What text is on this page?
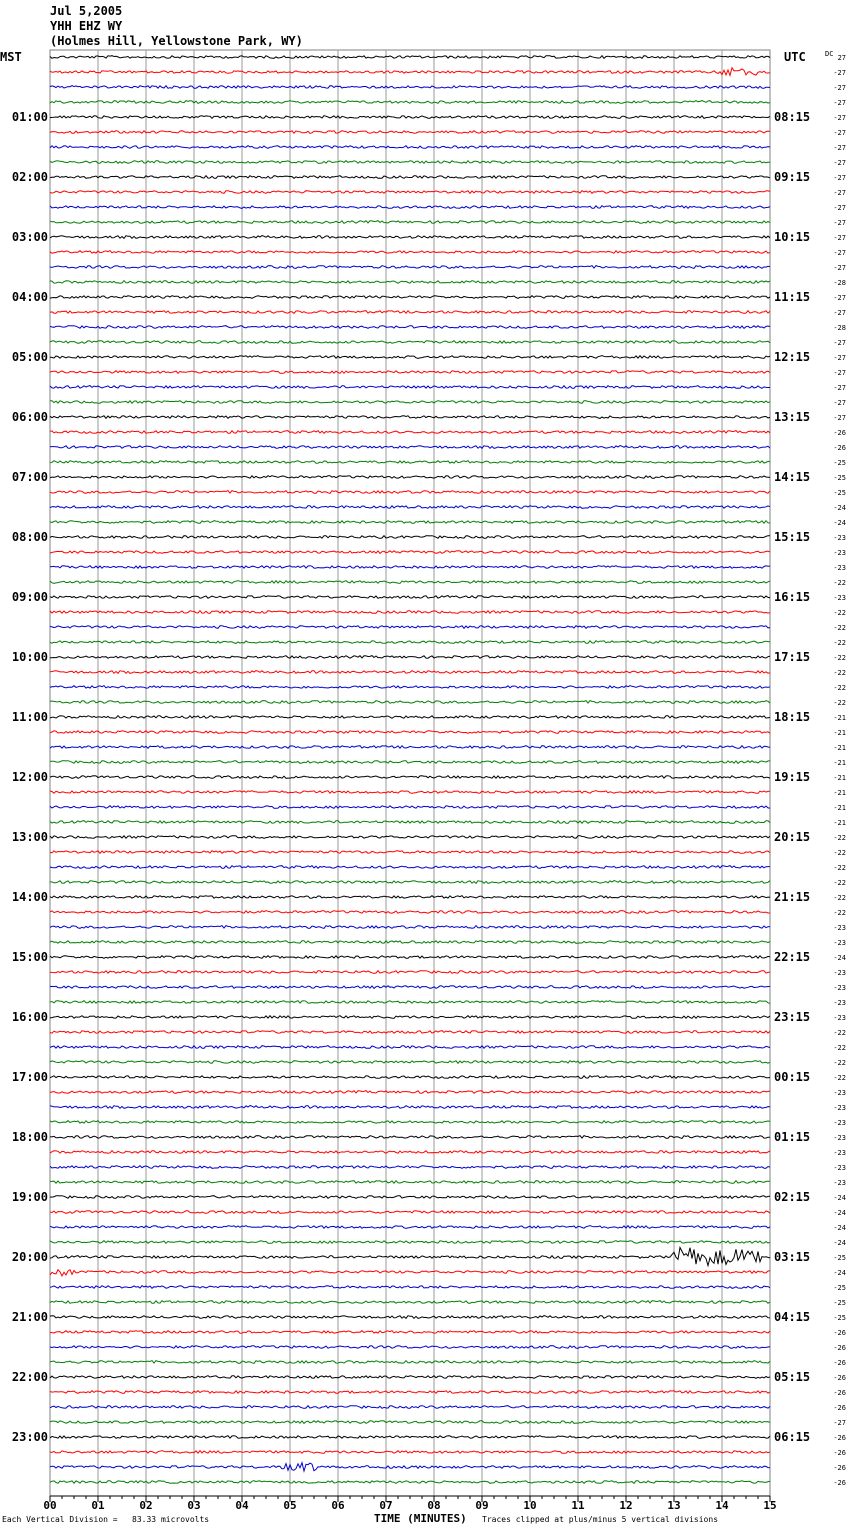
Jul 5,2005
YHH EHZ WY
(Holmes Hill, Yellowstone Park, WY)
MST	UTC	DC
01:00
02:00
03:00
04:00
05:00
06:00
07:00
08:00
09:00
10:00
11:00
12:00
13:00
14:00
15:00
16:00
17:00
18:00
19:00
20:00
21:00
22:00
23:00
08:15
09:15
10:15
11:15
12:15
13:15
14:15
15:15
16:15
17:15
18:15
19:15
20:15
21:15
22:15
23:15
00:15
01:15
02:15
03:15
04:15
05:15
06:15
27
-27
-27
-27
-27
-27
-27
-27
-27
-27
-27
-27
-27
-27
-27
-28
-27
-27
-28
-27
-27
-27
-27
-27
-27
-26
-26
-25
-25
-25
-24
-24
-23
-23
-23
-22
-23
-22
-22
-22
-22
-22
-22
-22
-21
-21
-21
-21
-21
-21
-21
-21
-22
-22
-22
-22
-22
-22
-23
-23
-24
-23
-23
-23
-23
-22
-22
-22
-22
-23
-23
-23
-23
-23
-23
-23
-24
-24
-24
-24
-25
-24
-25
-25
-25
-26
-26
-26
-26
-26
-26
-27
-26
-26
-26
-26
00	01	02	03	04	05	06	07	08	09	10	11	12	13	14	15
Each Vertical Division =   83.33 microvolts	TIME (MINUTES) Traces clipped at plus/minus 5 vertical divisions
